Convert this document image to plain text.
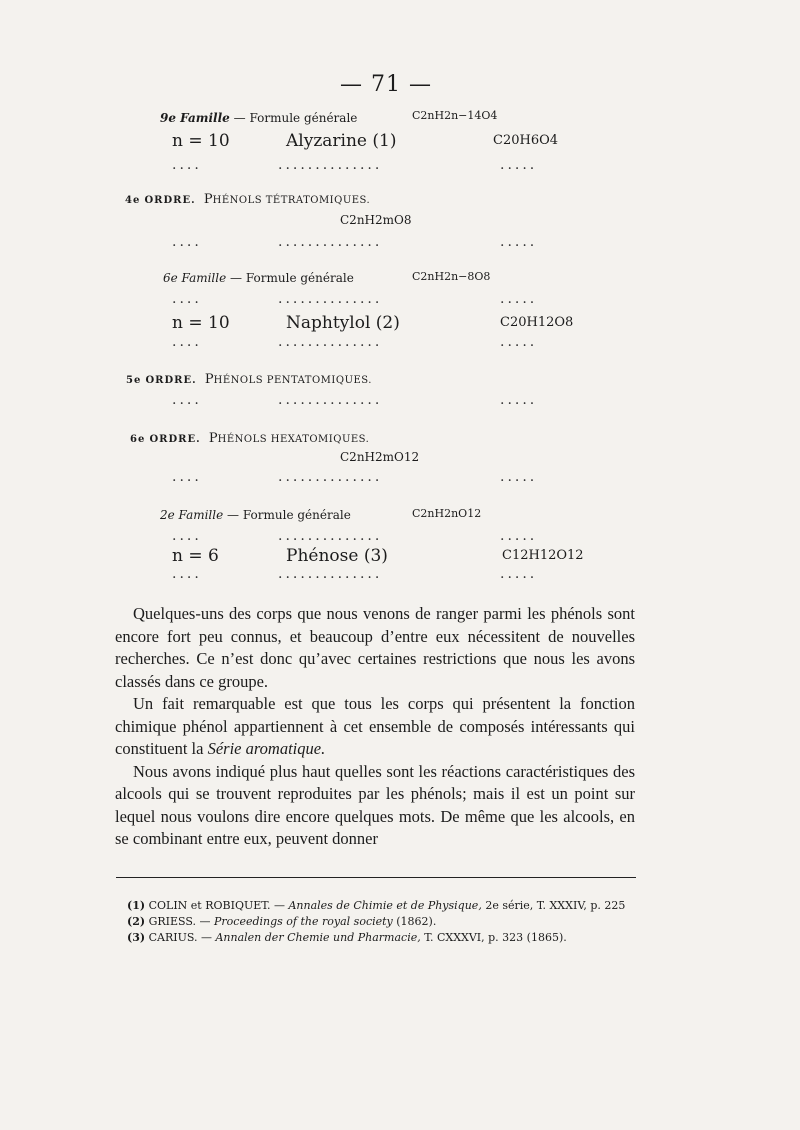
— 71 —
9e Famille — Formule générale	C2nH2n−14O4
n = 10	Alyzarine (1)	C20H6O4
....	..............	.....
4e ORDRE. PHÉNOLS TÉTRATOMIQUES.
C2nH2mO8
....	..............	.....
6e Famille — Formule générale	C2nH2n−8O8
....	..............	.....
n = 10	Naphtylol (2)	C20H12O8
....	..............	.....
5e ORDRE. PHÉNOLS PENTATOMIQUES.
....	..............	.....
6e ORDRE. PHÉNOLS HEXATOMIQUES.
C2nH2mO12
....	..............	.....
2e Famille — Formule générale	C2nH2nO12
....	..............	.....
n = 6	Phénose (3)	C12H12O12
....	..............	.....

Quelques-uns des corps que nous venons de ranger parmi les phénols sont encore fort peu connus, et beaucoup d’entre eux nécessitent de nouvelles recherches. Ce n’est donc qu’avec certaines restrictions que nous les avons classés dans ce groupe.

Un fait remarquable est que tous les corps qui présentent la fonction chimique phénol appartiennent à cet ensemble de composés intéressants qui constituent la Série aromatique.

Nous avons indiqué plus haut quelles sont les réactions caractéristiques des alcools qui se trouvent reproduites par les phénols; mais il est un point sur lequel nous voulons dire encore quelques mots. De même que les alcools, en se combinant entre eux, peuvent donner

(1) COLIN et ROBIQUET. — Annales de Chimie et de Physique, 2e série, T. XXXIV, p. 225
(2) GRIESS. — Proceedings of the royal society (1862).
(3) CARIUS. — Annalen der Chemie und Pharmacie, T. CXXXVI, p. 323 (1865).
